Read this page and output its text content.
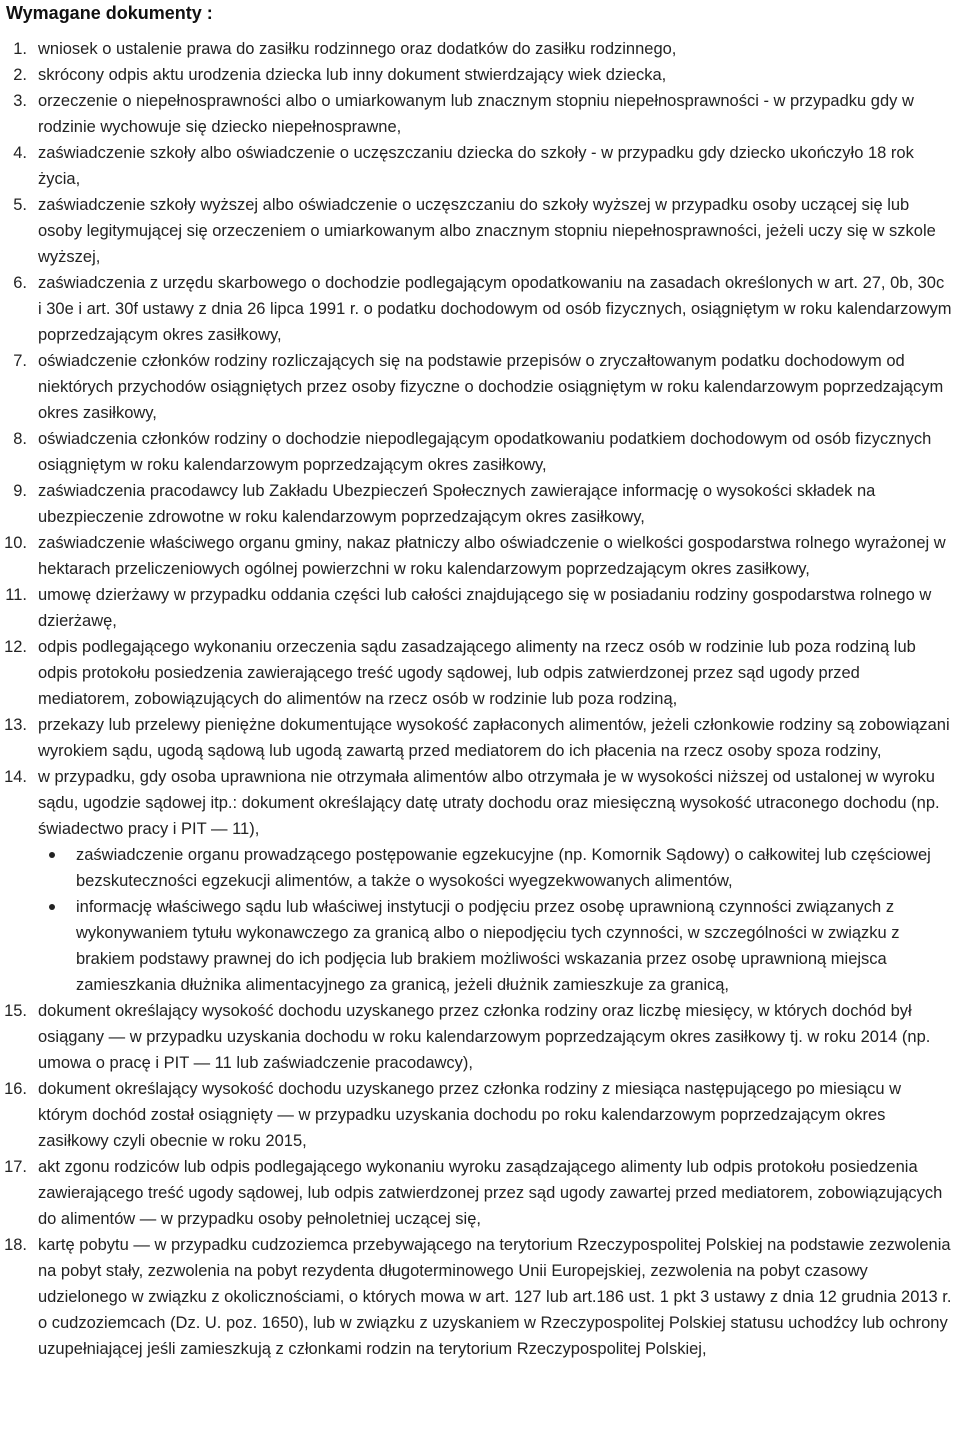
Wymagane dokumenty :
1. wniosek o ustalenie prawa do zasiłku rodzinnego oraz dodatków do zasiłku rodzinnego,
2. skrócony odpis aktu urodzenia dziecka lub inny dokument stwierdzający wiek dziecka,
3. orzeczenie o niepełnosprawności albo o umiarkowanym lub znacznym stopniu niepełnosprawności - w przypadku gdy w rodzinie wychowuje się dziecko niepełnosprawne,
4. zaświadczenie szkoły albo oświadczenie o uczęszczaniu dziecka do szkoły - w przypadku gdy dziecko ukończyło 18 rok życia,
5. zaświadczenie szkoły wyższej albo oświadczenie o uczęszczaniu do szkoły wyższej w przypadku osoby uczącej się lub osoby legitymującej się orzeczeniem o umiarkowanym albo znacznym stopniu niepełnosprawności, jeżeli uczy się w szkole wyższej,
6. zaświadczenia z urzędu skarbowego o dochodzie podlegającym opodatkowaniu na zasadach określonych w art. 27, 0b, 30c i 30e i art. 30f ustawy z dnia 26 lipca 1991 r. o podatku dochodowym od osób fizycznych, osiągniętym w roku kalendarzowym poprzedzającym okres zasiłkowy,
7. oświadczenie członków rodziny rozliczających się na podstawie przepisów o zryczałtowanym podatku dochodowym od niektórych przychodów osiągniętych przez osoby fizyczne o dochodzie osiągniętym w roku kalendarzowym poprzedzającym okres zasiłkowy,
8. oświadczenia członków rodziny o dochodzie niepodlegającym opodatkowaniu podatkiem dochodowym od osób fizycznych osiągniętym w roku kalendarzowym poprzedzającym okres zasiłkowy,
9. zaświadczenia pracodawcy lub Zakładu Ubezpieczeń Społecznych zawierające informację o wysokości składek na ubezpieczenie zdrowotne w roku kalendarzowym poprzedzającym okres zasiłkowy,
10. zaświadczenie właściwego organu gminy, nakaz płatniczy albo oświadczenie o wielkości gospodarstwa rolnego wyrażonej w hektarach przeliczeniowych ogólnej powierzchni w roku kalendarzowym poprzedzającym okres zasiłkowy,
11. umowę dzierżawy w przypadku oddania części lub całości znajdującego się w posiadaniu rodziny gospodarstwa rolnego w dzierżawę,
12. odpis podlegającego wykonaniu orzeczenia sądu zasadzającego alimenty na rzecz osób w rodzinie lub poza rodziną lub odpis protokołu posiedzenia zawierającego treść ugody sądowej, lub odpis zatwierdzonej przez sąd ugody przed mediatorem, zobowiązujących do alimentów na rzecz osób w rodzinie lub poza rodziną,
13. przekazy lub przelewy pieniężne dokumentujące wysokość zapłaconych alimentów, jeżeli członkowie rodziny są zobowiązani wyrokiem sądu, ugodą sądową lub ugodą zawartą przed mediatorem do ich płacenia na rzecz osoby spoza rodziny,
14. w przypadku, gdy osoba uprawniona nie otrzymała alimentów albo otrzymała je w wysokości niższej od ustalonej w wyroku sądu, ugodzie sądowej itp.: dokument określający datę utraty dochodu oraz miesięczną wysokość utraconego dochodu (np. świadectwo pracy i PIT — 11),
zaświadczenie organu prowadzącego postępowanie egzekucyjne (np. Komornik Sądowy) o całkowitej lub częściowej bezskuteczności egzekucji alimentów, a także o wysokości wyegzekwowanych alimentów,
informację właściwego sądu lub właściwej instytucji o podjęciu przez osobę uprawnioną czynności związanych z wykonywaniem tytułu wykonawczego za granicą albo o niepodjęciu tych czynności, w szczególności w związku z brakiem podstawy prawnej do ich podjęcia lub brakiem możliwości wskazania przez osobę uprawnioną miejsca zamieszkania dłużnika alimentacyjnego za granicą, jeżeli dłużnik zamieszkuje za granicą,
15. dokument określający wysokość dochodu uzyskanego przez członka rodziny oraz liczbę miesięcy, w których dochód był osiągany — w przypadku uzyskania dochodu w roku kalendarzowym poprzedzającym okres zasiłkowy tj. w roku 2014 (np. umowa o pracę i PIT — 11 lub zaświadczenie pracodawcy),
16. dokument określający wysokość dochodu uzyskanego przez członka rodziny z miesiąca następującego po miesiącu w którym dochód został osiągnięty — w przypadku uzyskania dochodu po roku kalendarzowym poprzedzającym okres zasiłkowy czyli obecnie w roku 2015,
17. akt zgonu rodziców lub odpis podlegającego wykonaniu wyroku zasądzającego alimenty lub odpis protokołu posiedzenia zawierającego treść ugody sądowej, lub odpis zatwierdzonej przez sąd ugody zawartej przed mediatorem, zobowiązujących do alimentów — w przypadku osoby pełnoletniej uczącej się,
18. kartę pobytu — w przypadku cudzoziemca przebywającego na terytorium Rzeczypospolitej Polskiej na podstawie zezwolenia na pobyt stały, zezwolenia na pobyt rezydenta długoterminowego Unii Europejskiej, zezwolenia na pobyt czasowy udzielonego w związku z okolicznościami, o których mowa w art. 127 lub art.186 ust. 1 pkt 3 ustawy z dnia 12 grudnia 2013 r. o cudzoziemcach (Dz. U. poz. 1650), lub w związku z uzyskaniem w Rzeczypospolitej Polskiej statusu uchodźcy lub ochrony uzupełniającej jeśli zamieszkują z członkami rodzin na terytorium Rzeczypospolitej Polskiej,
